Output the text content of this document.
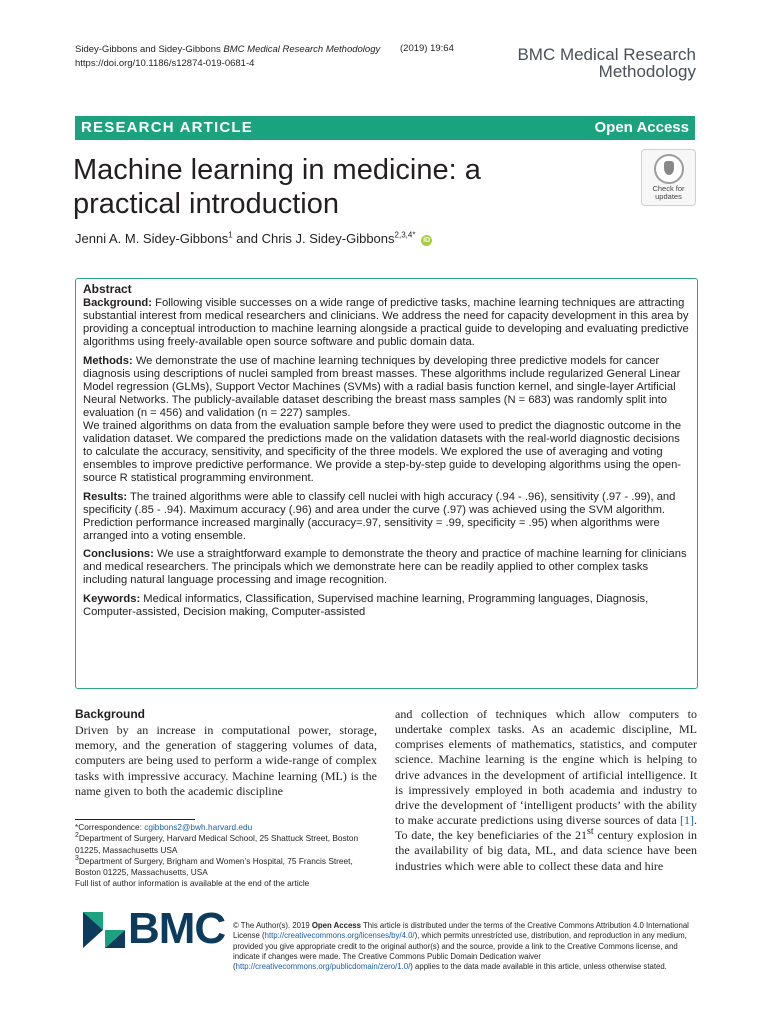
Sidey-Gibbons and Sidey-Gibbons BMC Medical Research Methodology
https://doi.org/10.1186/s12874-019-0681-4
(2019) 19:64	BMC Medical Research
Methodology
RESEARCH ARTICLE	Open Access
Machine learning in medicine: a
practical introduction	Check for
updates
Jenni A. M. Sidey-Gibbons$^1$ and Chris J. Sidey-Gibbons$^{2,3,4*}$ iD
Abstract

Background: Following visible successes on a wide range of predictive tasks, machine learning techniques are attracting substantial interest from medical researchers and clinicians. We address the need for capacity development in this area by providing a conceptual introduction to machine learning alongside a practical guide to developing and evaluating predictive algorithms using freely-available open source software and public domain data.

Methods: We demonstrate the use of machine learning techniques by developing three predictive models for cancer diagnosis using descriptions of nuclei sampled from breast masses. These algorithms include regularized General Linear Model regression (GLMs), Support Vector Machines (SVMs) with a radial basis function kernel, and single-layer Artificial Neural Networks. The publicly-available dataset describing the breast mass samples (N = 683) was randomly split into evaluation (n = 456) and validation (n = 227) samples.

We trained algorithms on data from the evaluation sample before they were used to predict the diagnostic outcome in the validation dataset. We compared the predictions made on the validation datasets with the real-world diagnostic decisions to calculate the accuracy, sensitivity, and specificity of the three models. We explored the use of averaging and voting ensembles to improve predictive performance. We provide a step-by-step guide to developing algorithms using the open-source R statistical programming environment.

Results: The trained algorithms were able to classify cell nuclei with high accuracy (.94 - .96), sensitivity (.97 - .99), and specificity (.85 - .94). Maximum accuracy (.96) and area under the curve (.97) was achieved using the SVM algorithm. Prediction performance increased marginally (accuracy=.97, sensitivity = .99, specificity = .95) when algorithms were arranged into a voting ensemble.

Conclusions: We use a straightforward example to demonstrate the theory and practice of machine learning for clinicians and medical researchers. The principals which we demonstrate here can be readily applied to other complex tasks including natural language processing and image recognition.

Keywords: Medical informatics, Classification, Supervised machine learning, Programming languages, Diagnosis, Computer-assisted, Decision making, Computer-assisted

Background
Driven by an increase in computational power, storage, memory, and the generation of staggering volumes of data, computers are being used to perform a wide-range of complex tasks with impressive accuracy. Machine learning (ML) is the name given to both the academic discipline
and collection of techniques which allow computers to undertake complex tasks. As an academic discipline, ML comprises elements of mathematics, statistics, and computer science. Machine learning is the engine which is helping to drive advances in the development of artificial intelligence. It is impressively employed in both academia and industry to drive the development of ‘intelligent products’ with the ability to make accurate predictions using diverse sources of data [1]. To date, the key beneficiaries of the 21st century explosion in the availability of big data, ML, and data science have been industries which were able to collect these data and hire
*Correspondence: cgibbons2@bwh.harvard.edu
$^2$Department of Surgery, Harvard Medical School, 25 Shattuck Street, Boston 01225, Massachusetts USA
$^3$Department of Surgery, Brigham and Women’s Hospital, 75 Francis Street, Boston 01225, Massachusetts, USA
Full list of author information is available at the end of the article
BMC © The Author(s). 2019 Open Access This article is distributed under the terms of the Creative Commons Attribution 4.0 International License (http://creativecommons.org/licenses/by/4.0/), which permits unrestricted use, distribution, and reproduction in any medium, provided you give appropriate credit to the original author(s) and the source, provide a link to the Creative Commons license, and indicate if changes were made. The Creative Commons Public Domain Dedication waiver (http://creativecommons.org/publicdomain/zero/1.0/) applies to the data made available in this article, unless otherwise stated.
